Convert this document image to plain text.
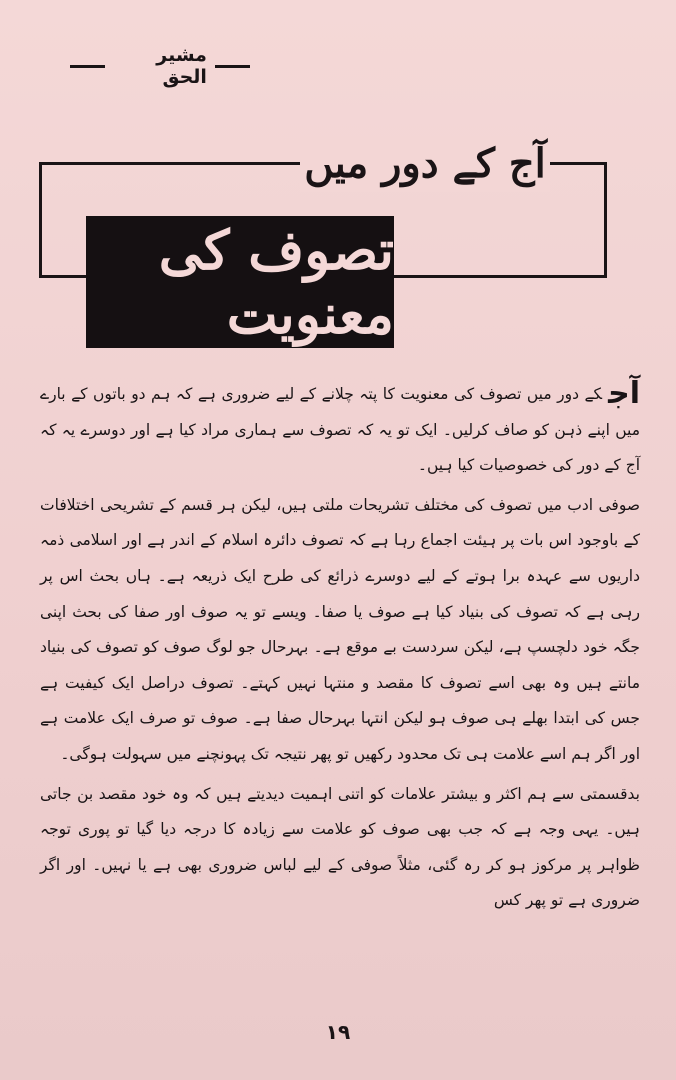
مشیر الحق
آج کے دور میں
تصوف کی معنویت

آجکے دور میں تصوف کی معنویت کا پتہ چلانے کے لیے ضروری ہے کہ ہم دو باتوں کے بارے میں اپنے ذہن کو صاف کرلیں۔ ایک تو یہ کہ تصوف سے ہماری مراد کیا ہے اور دوسرے یہ کہ آج کے دور کی خصوصیات کیا ہیں۔

صوفی ادب میں تصوف کی مختلف تشریحات ملتی ہیں، لیکن ہر قسم کے تشریحی اختلافات کے باوجود اس بات پر ہیئت اجماع رہا ہے کہ تصوف دائرہ اسلام کے اندر ہے اور اسلامی ذمہ داریوں سے عہدہ برا ہوتے کے لیے دوسرے ذرائع کی طرح ایک ذریعہ ہے۔ ہاں بحث اس پر رہی ہے کہ تصوف کی بنیاد کیا ہے صوف یا صفا۔ ویسے تو یہ صوف اور صفا کی بحث اپنی جگہ خود دلچسپ ہے، لیکن سردست بے موقع ہے۔ بہرحال جو لوگ صوف کو تصوف کی بنیاد مانتے ہیں وہ بھی اسے تصوف کا مقصد و منتہا نہیں کہتے۔ تصوف دراصل ایک کیفیت ہے جس کی ابتدا بھلے ہی صوف ہو لیکن انتہا بہرحال صفا ہے۔ صوف تو صرف ایک علامت ہے اور اگر ہم اسے علامت ہی تک محدود رکھیں تو پھر نتیجہ تک پہونچنے میں سہولت ہوگی۔

بدقسمتی سے ہم اکثر و بیشتر علامات کو اتنی اہمیت دیدیتے ہیں کہ وہ خود مقصد بن جاتی ہیں۔ یہی وجہ ہے کہ جب بھی صوف کو علامت سے زیادہ کا درجہ دیا گیا تو پوری توجہ ظواہر پر مرکوز ہو کر رہ گئی، مثلاً صوفی کے لیے لباس ضروری بھی ہے یا نہیں۔ اور اگر ضروری ہے تو پھر کس

۱۹
